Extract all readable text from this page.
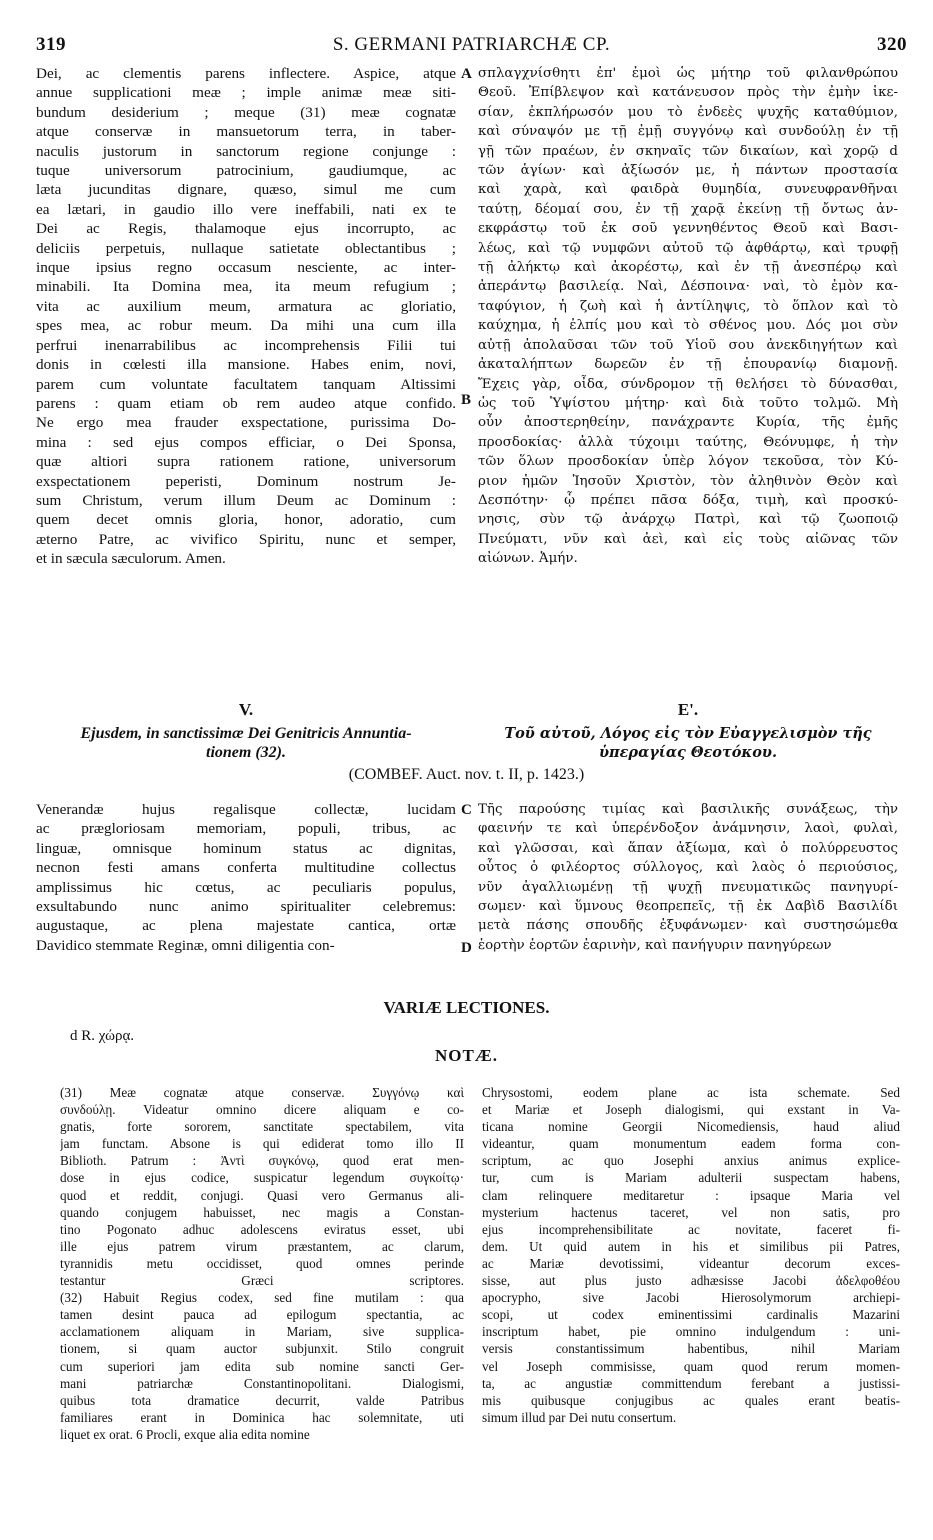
319	S. GERMANI PATRIARCHÆ CP.	320
Dei, ac clementis parens inflectere. Aspice, atque
annue supplicationi meæ ; imple animæ meæ siti-
bundum desiderium ; meque (31) meæ cognatæ
atque conservæ in mansuetorum terra, in taber-
naculis justorum in sanctorum regione conjunge :
tuque universorum patrocinium, gaudiumque, ac
læta jucunditas dignare, quæso, simul me cum
ea lætari, in gaudio illo vere ineffabili, nati ex te
Dei ac Regis, thalamoque ejus incorrupto, ac
deliciis perpetuis, nullaque satietate oblectantibus ;
inque ipsius regno occasum nesciente, ac inter-
minabili. Ita Domina mea, ita meum refugium ;
vita ac auxilium meum, armatura ac gloriatio,
spes mea, ac robur meum. Da mihi una cum illa
perfrui inenarrabilibus ac incomprehensis Filii tui
donis in cœlesti illa mansione. Habes enim, novi,
parem cum voluntate facultatem tanquam Altissimi
parens : quam etiam ob rem audeo atque confido.
Ne ergo mea frauder exspectatione, purissima Do-
mina : sed ejus compos efficiar, o Dei Sponsa,
quæ altiori supra rationem ratione, universorum
exspectationem peperisti, Dominum nostrum Je-
sum Christum, verum illum Deum ac Dominum :
quem decet omnis gloria, honor, adoratio, cum
æterno Patre, ac vivifico Spiritu, nunc et semper,
et in sæcula sæculorum. Amen.
σπλαγχνίσθητι ἐπ' ἐμοὶ ὡς μήτηρ τοῦ φιλανθρώπου
Θεοῦ. Ἐπίβλεψον καὶ κατάνευσον πρὸς τὴν ἐμὴν ἱκε-
σίαν, ἐκπλήρωσόν μου τὸ ἐνδεὲς ψυχῆς καταθύμιον,
καὶ σύναψόν με τῇ ἐμῇ συγγόνῳ καὶ συνδούλῃ ἐν τῇ
γῇ τῶν πραέων, ἐν σκηναῖς τῶν δικαίων, καὶ χορῷ d
τῶν ἁγίων· καὶ ἀξίωσόν με, ἡ πάντων προστασία
καὶ χαρὰ, καὶ φαιδρὰ θυμηδία, συνευφρανθῆναι
ταύτῃ, δέομαί σου, ἐν τῇ χαρᾷ ἐκείνῃ τῇ ὄντως ἀν-
εκφράστῳ τοῦ ἐκ σοῦ γεννηθέντος Θεοῦ καὶ Βασι-
λέως, καὶ τῷ νυμφῶνι αὐτοῦ τῷ ἀφθάρτῳ, καὶ τρυφῇ
τῇ ἀλήκτῳ καὶ ἀκορέστῳ, καὶ ἐν τῇ ἀνεσπέρῳ καὶ
ἀπεράντῳ βασιλείᾳ. Ναὶ, Δέσποινα· ναὶ, τὸ ἐμὸν κα-
ταφύγιον, ἡ ζωὴ καὶ ἡ ἀντίληψις, τὸ ὅπλον καὶ τὸ
καύχημα, ἡ ἐλπίς μου καὶ τὸ σθένος μου. Δός μοι σὺν
αὐτῇ ἀπολαῦσαι τῶν τοῦ Υἱοῦ σου ἀνεκδιηγήτων καὶ
ἀκαταλήπτων δωρεῶν ἐν τῇ ἐπουρανίῳ διαμονῇ.
Ἔχεις γὰρ, οἶδα, σύνδρομον τῇ θελήσει τὸ δύνασθαι,
ὡς τοῦ Ὑψίστου μήτηρ· καὶ διὰ τοῦτο τολμῶ. Μὴ
οὖν ἀποστερηθείην, πανάχραντε Κυρία, τῆς ἐμῆς
προσδοκίας· ἀλλὰ τύχοιμι ταύτης, Θεόνυμφε, ἡ τὴν
τῶν ὅλων προσδοκίαν ὑπὲρ λόγον τεκοῦσα, τὸν Κύ-
ριον ἡμῶν Ἰησοῦν Χριστὸν, τὸν ἀληθινὸν Θεὸν καὶ
Δεσπότην· ᾧ πρέπει πᾶσα δόξα, τιμὴ, καὶ προσκύ-
νησις, σὺν τῷ ἀνάρχῳ Πατρὶ, καὶ τῷ ζωοποιῷ
Πνεύματι, νῦν καὶ ἀεὶ, καὶ εἰς τοὺς αἰῶνας τῶν
αἰώνων. Ἀμήν.
A
B
V.	Ε'.
Ejusdem, in sanctissimæ Dei Genitricis Annuntia-
tionem (32).
Τοῦ αὐτοῦ, Λόγος εἰς τὸν Εὐαγγελισμὸν τῆς
ὑπεραγίας Θεοτόκου.
(COMBEF. Auct. nov. t. II, p. 1423.)
Venerandæ hujus regalisque collectæ, lucidam
ac prægloriosam memoriam, populi, tribus, ac
linguæ, omnisque hominum status ac dignitas,
necnon festi amans conferta multitudine collectus
amplissimus hic cœtus, ac peculiaris populus,
exsultabundo nunc animo spiritualiter celebremus:
augustaque, ac plena majestate cantica, ortæ
Davidico stemmate Reginæ, omni diligentia con-
Τῆς παρούσης τιμίας καὶ βασιλικῆς συνάξεως, τὴν
φαεινήν τε καὶ ὑπερένδοξον ἀνάμνησιν, λαοὶ, φυλαὶ,
καὶ γλῶσσαι, καὶ ἅπαν ἀξίωμα, καὶ ὁ πολύρρευστος
οὗτος ὁ φιλέορτος σύλλογος, καὶ λαὸς ὁ περιούσιος,
νῦν ἀγαλλιωμένῃ τῇ ψυχῇ πνευματικῶς πανηγυρί-
σωμεν· καὶ ὕμνους θεοπρεπεῖς, τῇ ἐκ Δαβὶδ Βασιλίδι
μετὰ πάσης σπουδῆς ἐξυφάνωμεν· καὶ συστησώμεθα
ἑορτὴν ἑορτῶν ἐαρινὴν, καὶ πανήγυριν πανηγύρεων
C
D
VARIÆ LECTIONES.
d R. χώρᾳ.
NOTÆ.
(31) Meæ cognatæ atque conservæ. Συγγόνῳ καὶ
συνδούλῃ. Videatur omnino dicere aliquam e co-
gnatis, forte sororem, sanctitate spectabilem, vita
jam functam. Absone is qui ediderat tomo illo II
Biblioth. Patrum : Ἀντὶ συγκόνῳ, quod erat men-
dose in ejus codice, suspicatur legendum συγκοίτῳ·
quod et reddit, conjugi. Quasi vero Germanus ali-
quando conjugem habuisset, nec magis a Constan-
tino Pogonato adhuc adolescens eviratus esset, ubi
ille ejus patrem virum præstantem, ac clarum,
tyrannidis metu occidisset, quod omnes perinde
testantur Græci scriptores.
(32) Habuit Regius codex, sed fine mutilam : qua
tamen desint pauca ad epilogum spectantia, ac
acclamationem aliquam in Mariam, sive supplica-
tionem, si quam auctor subjunxit. Stilo congruit
cum superiori jam edita sub nomine sancti Ger-
mani patriarchæ Constantinopolitani. Dialogismi,
quibus tota dramatice decurrit, valde Patribus
familiares erant in Dominica hac solemnitate, uti
liquet ex orat. 6 Procli, exque alia edita nomine
Chrysostomi, eodem plane ac ista schemate. Sed
et Mariæ et Joseph dialogismi, qui exstant in Va-
ticana nomine Georgii Nicomediensis, haud aliud
videantur, quam monumentum eadem forma con-
scriptum, ac quo Josephi anxius animus explice-
tur, cum is Mariam adulterii suspectam habens,
clam relinquere meditaretur : ipsaque Maria vel
mysterium hactenus taceret, vel non satis, pro
ejus incomprehensibilitate ac novitate, faceret fi-
dem. Ut quid autem in his et similibus pii Patres,
ac Mariæ devotissimi, videantur decorum exces-
sisse, aut plus justo adhæsisse Jacobi ἀδελφοθέου
apocrypho, sive Jacobi Hierosolymorum archiepi-
scopi, ut codex eminentissimi cardinalis Mazarini
inscriptum habet, pie omnino indulgendum : uni-
versis constantissimum habentibus, nihil Mariam
vel Joseph commisisse, quam quod rerum momen-
ta, ac angustiæ committendum ferebant a justissi-
mis quibusque conjugibus ac quales erant beatis-
simum illud par Dei nutu consertum.
